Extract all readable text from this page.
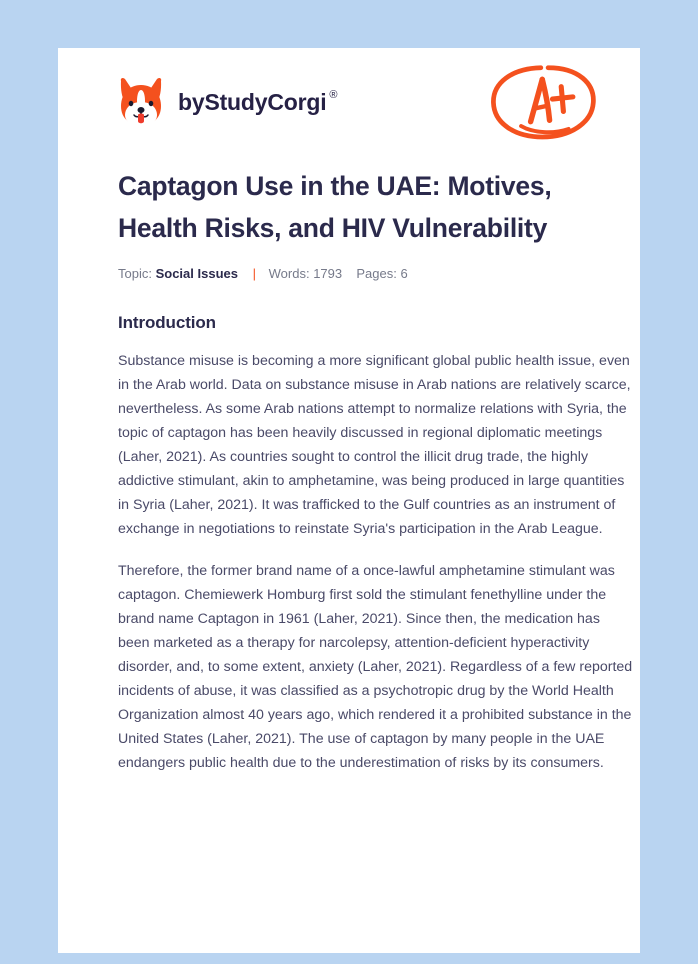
by StudyCorgi ®
Captagon Use in the UAE: Motives, Health Risks, and HIV Vulnerability
Topic: Social Issues | Words: 1793 Pages: 6
Introduction

Substance misuse is becoming a more significant global public health issue, even in the Arab world. Data on substance misuse in Arab nations are relatively scarce, nevertheless. As some Arab nations attempt to normalize relations with Syria, the topic of captagon has been heavily discussed in regional diplomatic meetings (Laher, 2021). As countries sought to control the illicit drug trade, the highly addictive stimulant, akin to amphetamine, was being produced in large quantities in Syria (Laher, 2021). It was trafficked to the Gulf countries as an instrument of exchange in negotiations to reinstate Syria's participation in the Arab League.

Therefore, the former brand name of a once-lawful amphetamine stimulant was captagon. Chemiewerk Homburg first sold the stimulant fenethylline under the brand name Captagon in 1961 (Laher, 2021). Since then, the medication has been marketed as a therapy for narcolepsy, attention-deficient hyperactivity disorder, and, to some extent, anxiety (Laher, 2021). Regardless of a few reported incidents of abuse, it was classified as a psychotropic drug by the World Health Organization almost 40 years ago, which rendered it a prohibited substance in the United States (Laher, 2021). The use of captagon by many people in the UAE endangers public health due to the underestimation of risks by its consumers.
